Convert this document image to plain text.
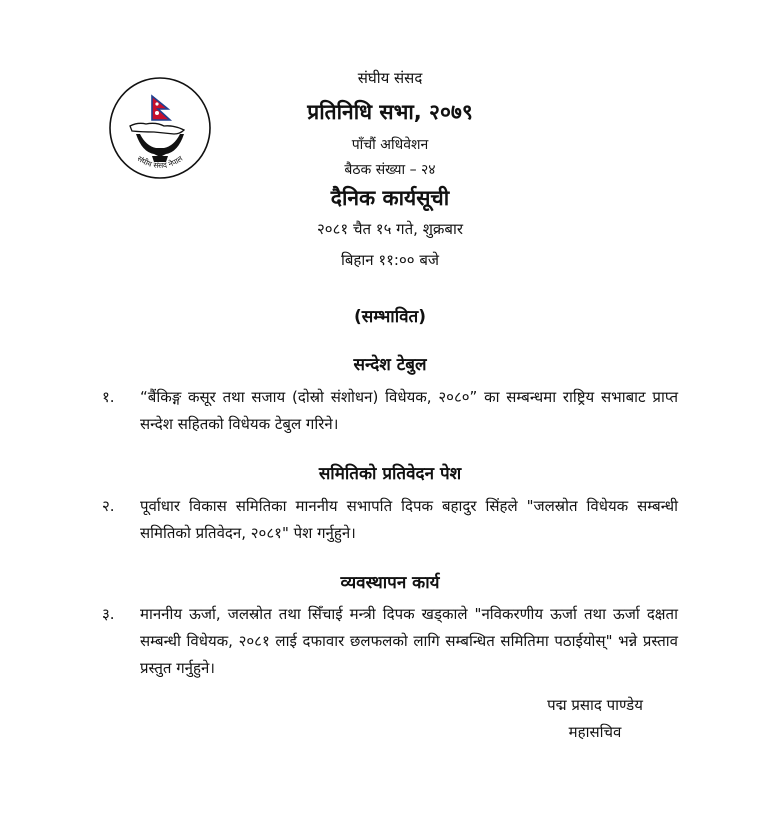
संघीय संसद नेपाल
संघीय संसद
प्रतिनिधि सभा, २०७९
पाँचौं अधिवेशन
बैठक संख्या – २४
दैनिक कार्यसूची
२०८१ चैत १५ गते, शुक्रबार
बिहान ११:०० बजे
(सम्भावित)
सन्देश टेबुल
१. “बैंकिङ्ग कसूर तथा सजाय (दोस्रो संशोधन) विधेयक, २०८०” का सम्बन्धमा राष्ट्रिय सभाबाट प्राप्त सन्देश सहितको विधेयक टेबुल गरिने।
समितिको प्रतिवेदन पेश
२. पूर्वाधार विकास समितिका माननीय सभापति दिपक बहादुर सिंहले "जलस्रोत विधेयक सम्बन्धी समितिको प्रतिवेदन, २०८१" पेश गर्नुहुने।
व्यवस्थापन कार्य
३. माननीय ऊर्जा, जलस्रोत तथा सिँचाई मन्त्री दिपक खड्काले "नविकरणीय ऊर्जा तथा ऊर्जा दक्षता सम्बन्धी विधेयक, २०८१ लाई दफावार छलफलको लागि सम्बन्धित समितिमा पठाईयोस्" भन्ने प्रस्ताव प्रस्तुत गर्नुहुने।
पद्म प्रसाद पाण्डेय
महासचिव
